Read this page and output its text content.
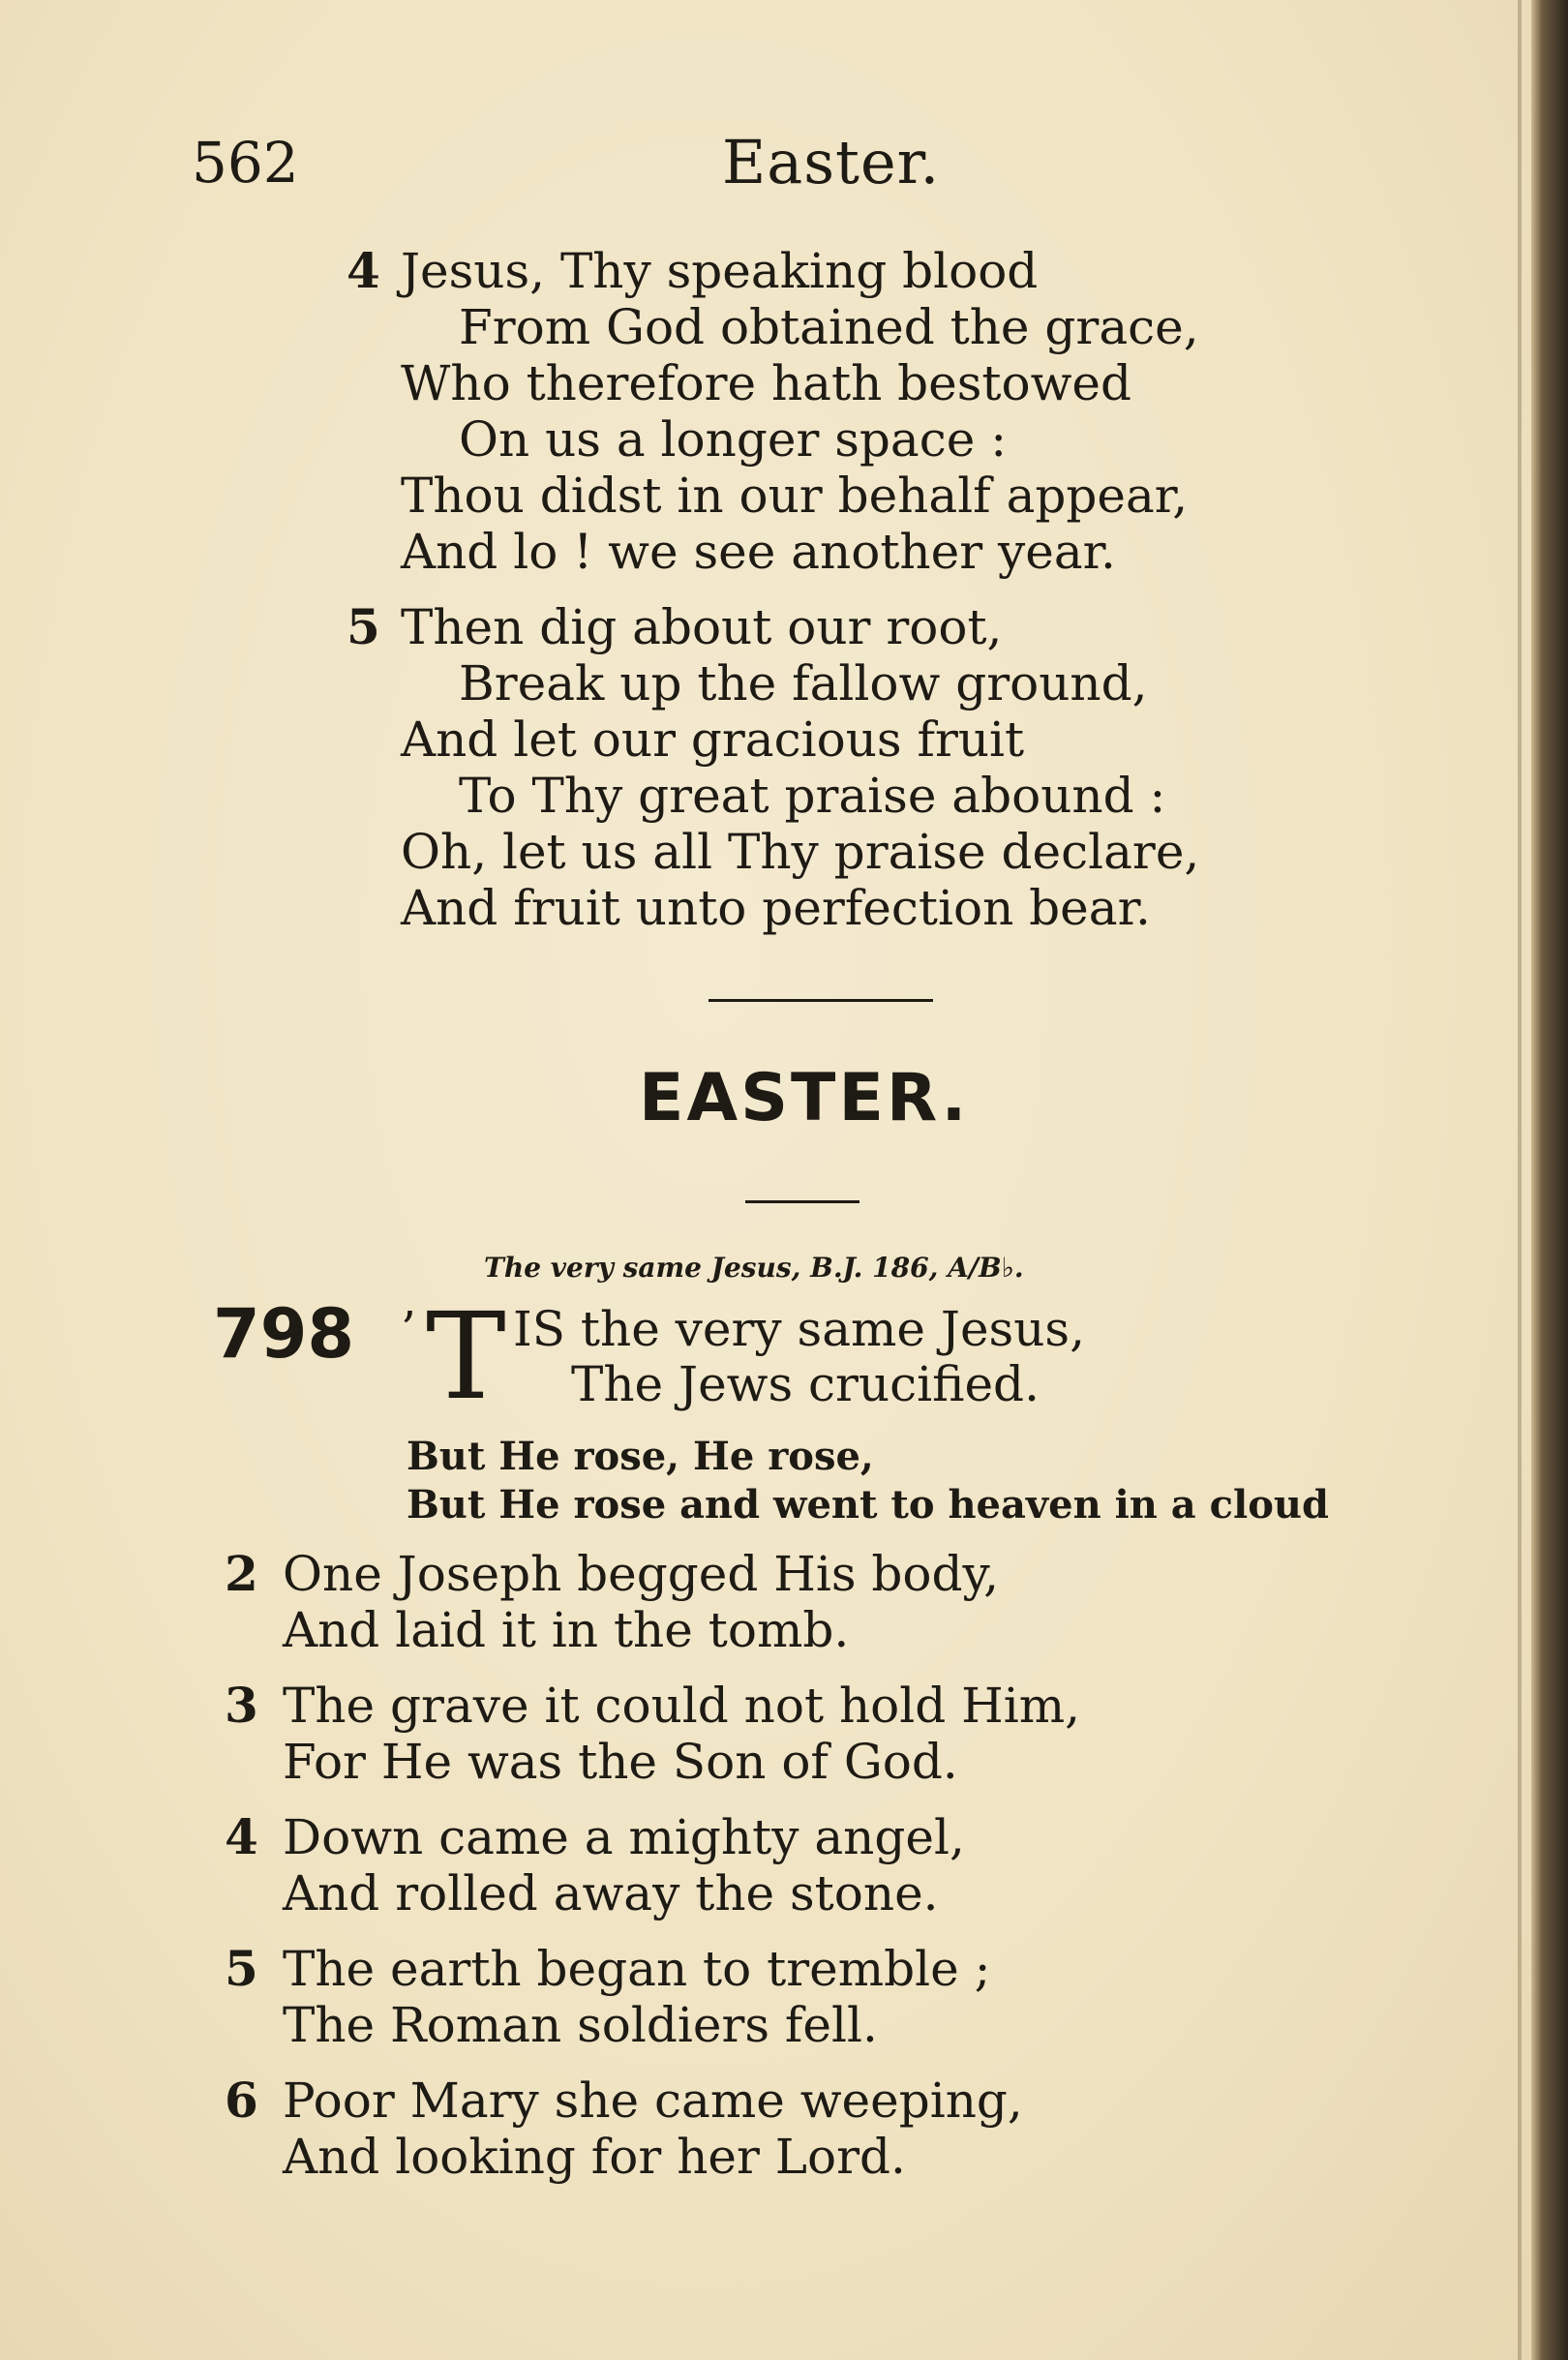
562	Easter.
4 Jesus, Thy speaking blood
From God obtained the grace,
Who therefore hath bestowed
On us a longer space :
Thou didst in our behalf appear,
And lo ! we see another year.
5 Then dig about our root,
Break up the fallow ground,
And let our gracious fruit
To Thy great praise abound :
Oh, let us all Thy praise declare,
And fruit unto perfection bear.
EASTER.
The very same Jesus, B.J. 186, A/B♭.
798 ’ T IS the very same Jesus,
The Jews crucified.
But He rose, He rose,
But He rose and went to heaven in a cloud
2 One Joseph begged His body,
And laid it in the tomb.
3 The grave it could not hold Him,
For He was the Son of God.
4 Down came a mighty angel,
And rolled away the stone.
5 The earth began to tremble ;
The Roman soldiers fell.
6 Poor Mary she came weeping,
And looking for her Lord.
